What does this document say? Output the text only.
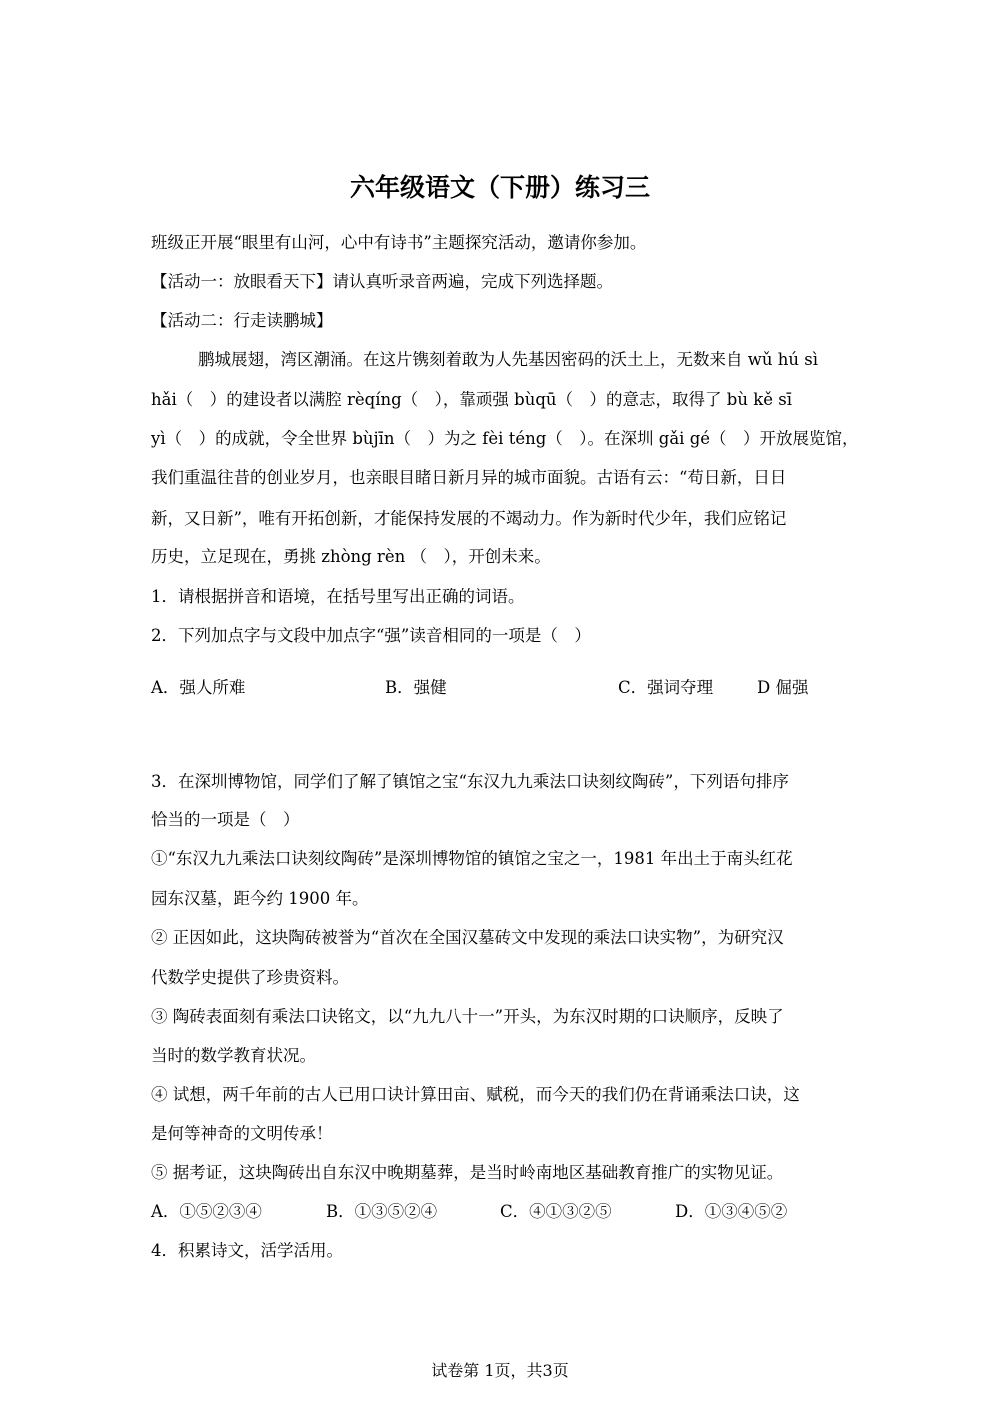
六年级语文（下册）练习三
班级正开展“眼里有山河，心中有诗书”主题探究活动，邀请你参加。
【活动一：放眼看天下】请认真听录音两遍，完成下列选择题。
【活动二：行走读鹏城】
鹏城展翅，湾区潮涌。在这片镌刻着敢为人先基因密码的沃土上，无数来自 wǔ hú sì
hǎi（　）的建设者以满腔 rèqíng（　），靠顽强 bùqū（　）的意志，取得了 bù kě sī
yì（　）的成就，令全世界 bùjīn（　）为之 fèi téng（　）。在深圳 gǎi gé（　）开放展览馆，
我们重温往昔的创业岁月，也亲眼目睹日新月异的城市面貌。古语有云：“苟日新，日日
新，又日新”，唯有开拓创新，才能保持发展的不竭动力。作为新时代少年，我们应铭记
历史，立足现在，勇挑 zhòng rèn （　），开创未来。
1．请根据拼音和语境，在括号里写出正确的词语。
2．下列加点字与文段中加点字“强”读音相同的一项是（　）
A．强人所难	B．强健	C．强词夺理	D 倔强
3．在深圳博物馆，同学们了解了镇馆之宝“东汉九九乘法口诀刻纹陶砖”，下列语句排序
恰当的一项是（　）
①“东汉九九乘法口诀刻纹陶砖”是深圳博物馆的镇馆之宝之一，1981 年出土于南头红花
园东汉墓，距今约 1900 年。
② 正因如此，这块陶砖被誉为“首次在全国汉墓砖文中发现的乘法口诀实物”，为研究汉
代数学史提供了珍贵资料。
③ 陶砖表面刻有乘法口诀铭文，以“九九八十一”开头，为东汉时期的口诀顺序，反映了
当时的数学教育状况。
④ 试想，两千年前的古人已用口诀计算田亩、赋税，而今天的我们仍在背诵乘法口诀，这
是何等神奇的文明传承！
⑤ 据考证，这块陶砖出自东汉中晚期墓葬，是当时岭南地区基础教育推广的实物见证。
A．①⑤②③④	B．①③⑤②④	C．④①③②⑤	D．①③④⑤②
4．积累诗文，活学活用。
试卷第 1页，共3页
